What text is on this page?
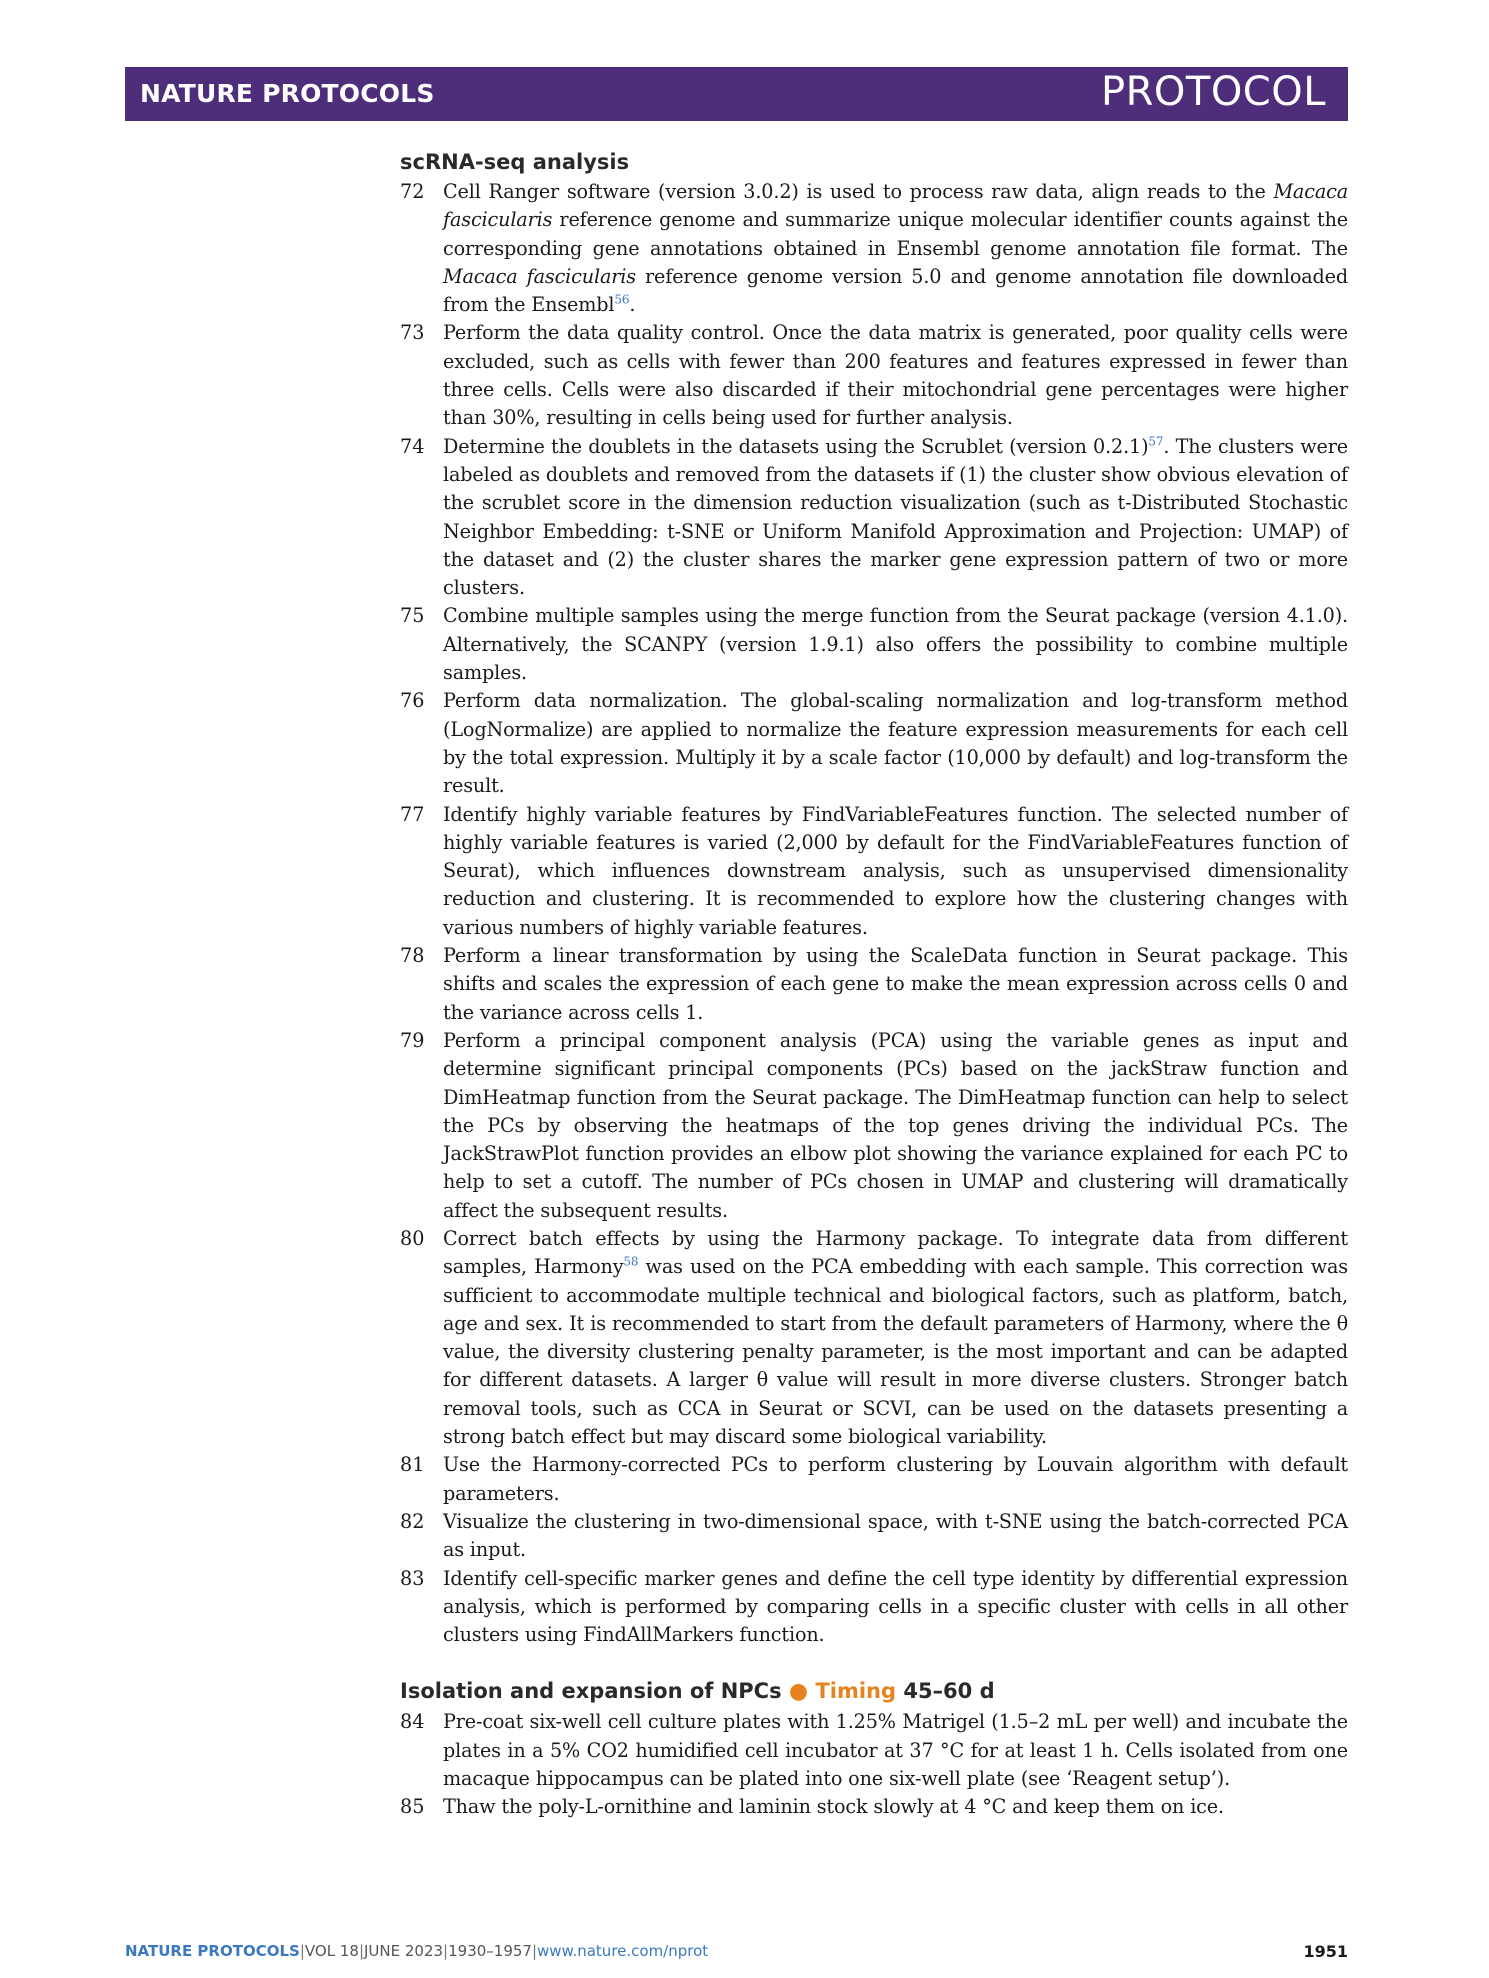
NATURE PROTOCOLS	PROTOCOL
scRNA-seq analysis
72 Cell Ranger software (version 3.0.2) is used to process raw data, align reads to the Macaca fascicularis reference genome and summarize unique molecular identifier counts against the corresponding gene annotations obtained in Ensembl genome annotation file format. The Macaca fascicularis reference genome version 5.0 and genome annotation file downloaded from the Ensembl$^{56}$.
73 Perform the data quality control. Once the data matrix is generated, poor quality cells were excluded, such as cells with fewer than 200 features and features expressed in fewer than three cells. Cells were also discarded if their mitochondrial gene percentages were higher than 30%, resulting in cells being used for further analysis.
74 Determine the doublets in the datasets using the Scrublet (version 0.2.1)$^{57}$. The clusters were labeled as doublets and removed from the datasets if (1) the cluster show obvious elevation of the scrublet score in the dimension reduction visualization (such as t-Distributed Stochastic Neighbor Embedding: t-SNE or Uniform Manifold Approximation and Projection: UMAP) of the dataset and (2) the cluster shares the marker gene expression pattern of two or more clusters.
75 Combine multiple samples using the merge function from the Seurat package (version 4.1.0). Alternatively, the SCANPY (version 1.9.1) also offers the possibility to combine multiple samples.
76 Perform data normalization. The global-scaling normalization and log-transform method (LogNormalize) are applied to normalize the feature expression measurements for each cell by the total expression. Multiply it by a scale factor (10,000 by default) and log-transform the result.
77 Identify highly variable features by FindVariableFeatures function. The selected number of highly variable features is varied (2,000 by default for the FindVariableFeatures function of Seurat), which influences downstream analysis, such as unsupervised dimensionality reduction and clustering. It is recommended to explore how the clustering changes with various numbers of highly variable features.
78 Perform a linear transformation by using the ScaleData function in Seurat package. This shifts and scales the expression of each gene to make the mean expression across cells 0 and the variance across cells 1.
79 Perform a principal component analysis (PCA) using the variable genes as input and determine significant principal components (PCs) based on the jackStraw function and DimHeatmap function from the Seurat package. The DimHeatmap function can help to select the PCs by observing the heatmaps of the top genes driving the individual PCs. The JackStrawPlot function provides an elbow plot showing the variance explained for each PC to help to set a cutoff. The number of PCs chosen in UMAP and clustering will dramatically affect the subsequent results.
80 Correct batch effects by using the Harmony package. To integrate data from different samples, Harmony$^{58}$ was used on the PCA embedding with each sample. This correction was sufficient to accommodate multiple technical and biological factors, such as platform, batch, age and sex. It is recommended to start from the default parameters of Harmony, where the θ value, the diversity clustering penalty parameter, is the most important and can be adapted for different datasets. A larger θ value will result in more diverse clusters. Stronger batch removal tools, such as CCA in Seurat or SCVI, can be used on the datasets presenting a strong batch effect but may discard some biological variability.
81 Use the Harmony-corrected PCs to perform clustering by Louvain algorithm with default parameters.
82 Visualize the clustering in two-dimensional space, with t-SNE using the batch-corrected PCA as input.
83 Identify cell-specific marker genes and define the cell type identity by differential expression analysis, which is performed by comparing cells in a specific cluster with cells in all other clusters using FindAllMarkers function.
Isolation and expansion of NPCs ● Timing 45–60 d
84 Pre-coat six-well cell culture plates with 1.25% Matrigel (1.5–2 mL per well) and incubate the plates in a 5% CO2 humidified cell incubator at 37 °C for at least 1 h. Cells isolated from one macaque hippocampus can be plated into one six-well plate (see ‘Reagent setup’).
85 Thaw the poly-L-ornithine and laminin stock slowly at 4 °C and keep them on ice.
NATURE PROTOCOLS|VOL 18|JUNE 2023|1930–1957|www.nature.com/nprot	1951
